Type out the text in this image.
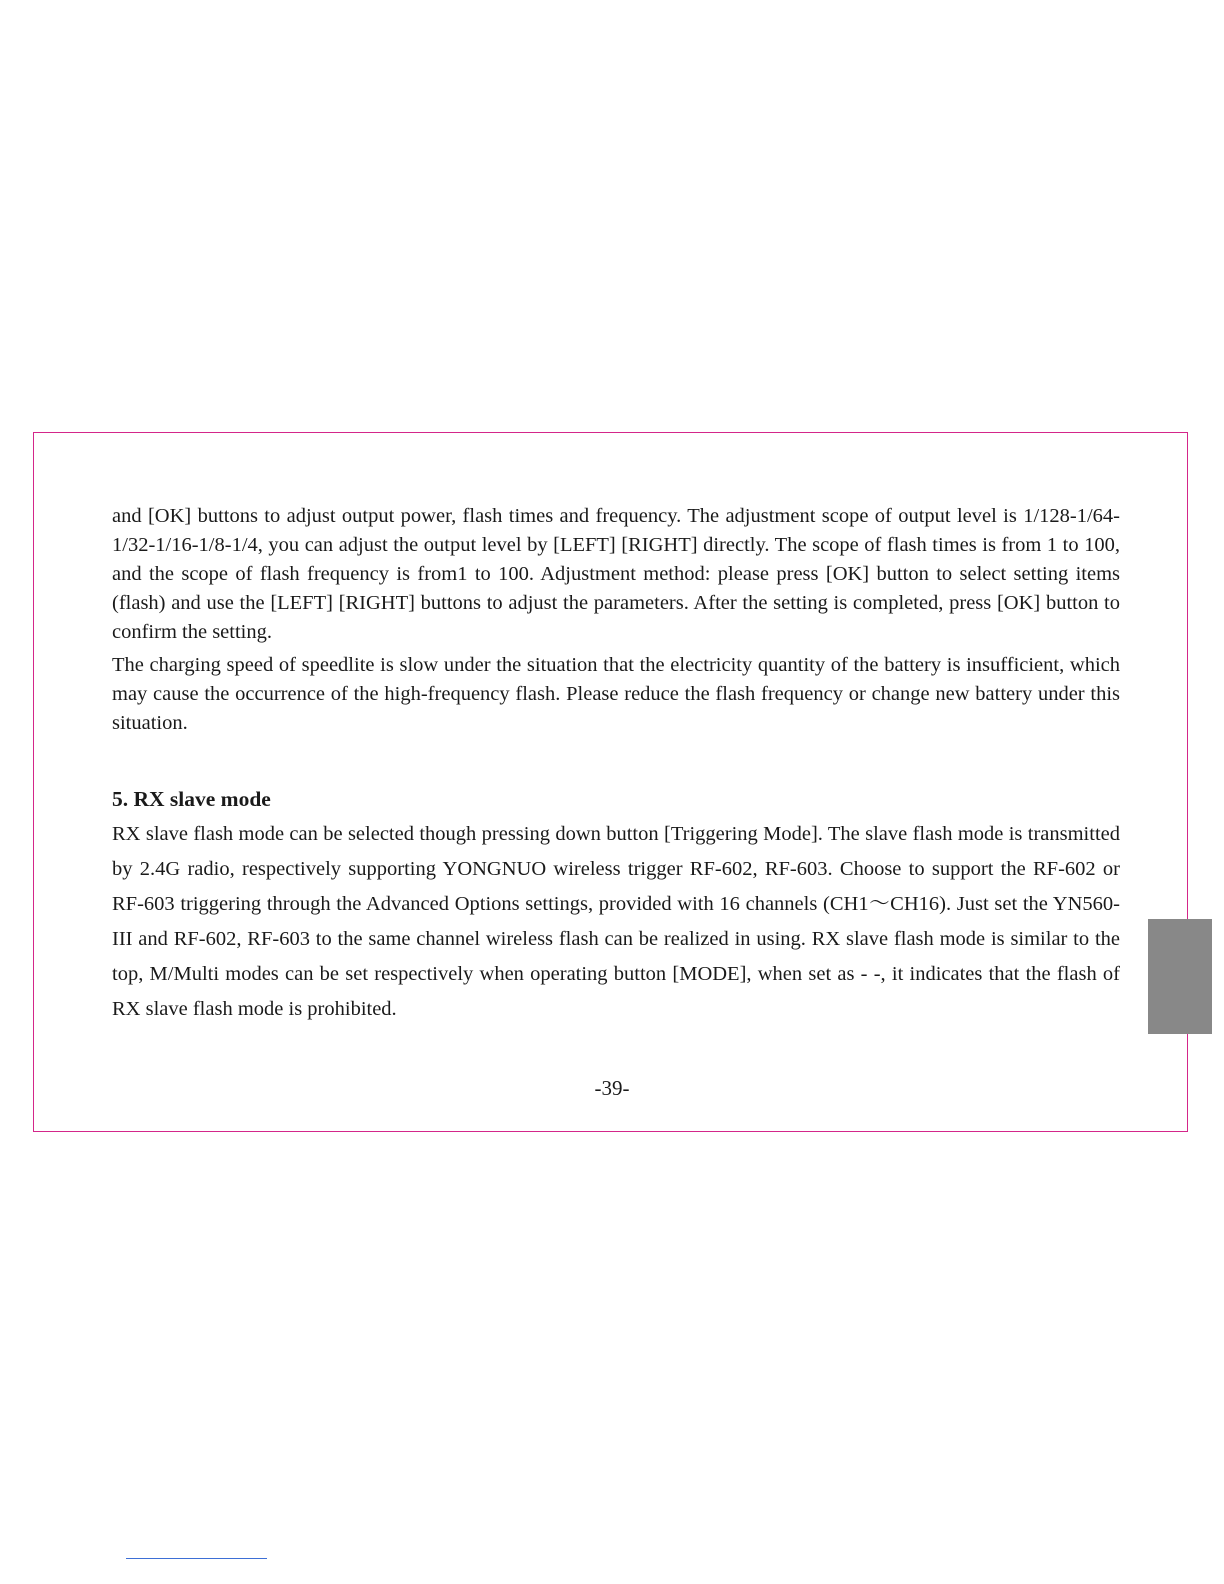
and [OK] buttons to adjust output power, flash times and frequency. The adjustment scope of output level is 1/128-1/64-1/32-1/16-1/8-1/4, you can adjust the output level by [LEFT] [RIGHT] directly. The scope of flash times is from 1 to 100, and the scope of flash frequency is from1 to 100. Adjustment method: please press [OK] button to select setting items (flash) and use the [LEFT] [RIGHT] buttons to adjust the parameters. After the setting is completed, press [OK] button to confirm the setting.

The charging speed of speedlite is slow under the situation that the electricity quantity of the battery is insufficient, which may cause the occurrence of the high-frequency flash. Please reduce the flash frequency or change new battery under this situation.

5. RX slave mode

RX slave flash mode can be selected though pressing down button [Triggering Mode]. The slave flash mode is transmitted by 2.4G radio, respectively supporting YONGNUO wireless trigger RF-602, RF-603. Choose to support the RF-602 or RF-603 triggering through the Advanced Options settings, provided with 16 channels (CH1～CH16). Just set the YN560-III and RF-602, RF-603 to the same channel wireless flash can be realized in using. RX slave flash mode is similar to the top, M/Multi modes can be set respectively when operating button [MODE], when set as - -, it indicates that the flash of RX slave flash mode is prohibited.

-39-
